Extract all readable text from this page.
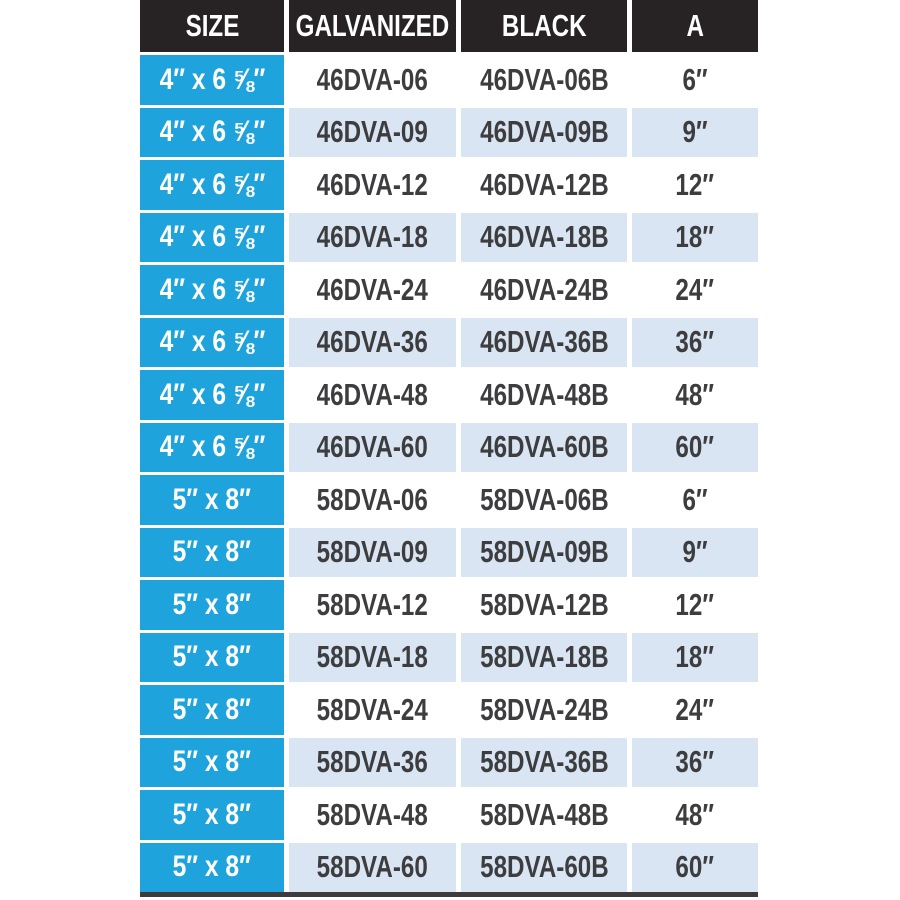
SIZE GALVANIZED BLACK	A
4″ x 6 ⅝″ 46DVA-06 46DVA-06B 6″
4″ x 6 ⅝″ 46DVA-09 46DVA-09B 9″
4″ x 6 ⅝″ 46DVA-12 46DVA-12B 12″
4″ x 6 ⅝″ 46DVA-18 46DVA-18B 18″
4″ x 6 ⅝″ 46DVA-24 46DVA-24B 24″
4″ x 6 ⅝″ 46DVA-36 46DVA-36B 36″
4″ x 6 ⅝″ 46DVA-48 46DVA-48B 48″
4″ x 6 ⅝″ 46DVA-60 46DVA-60B 60″
5″ x 8″ 58DVA-06 58DVA-06B 6″
5″ x 8″ 58DVA-09 58DVA-09B 9″
5″ x 8″ 58DVA-12 58DVA-12B 12″
5″ x 8″ 58DVA-18 58DVA-18B 18″
5″ x 8″ 58DVA-24 58DVA-24B 24″
5″ x 8″ 58DVA-36 58DVA-36B 36″
5″ x 8″ 58DVA-48 58DVA-48B 48″
5″ x 8″ 58DVA-60 58DVA-60B 60″
